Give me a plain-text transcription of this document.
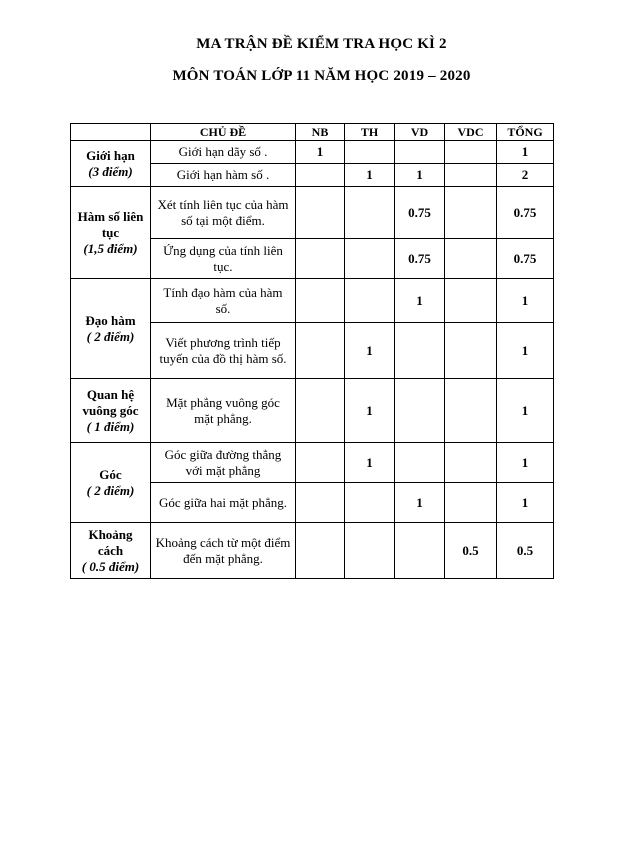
MA TRẬN ĐỀ KIỂM TRA HỌC KÌ 2
MÔN TOÁN LỚP 11 NĂM HỌC 2019 – 2020
	CHỦ ĐỀ	NB	TH	VD	VDC	TỔNG

Giới hạn
(3 điểm)	Giới hạn dãy số .	1				1
	Giới hạn hàm số .		1	1		2

Hàm số liên tục
(1,5 điểm)	Xét tính liên tục của hàm số tại một điểm.			0.75		0.75
	Ứng dụng của tính liên tục.			0.75		0.75

Đạo hàm
( 2 điểm)	Tính đạo hàm của hàm số.			1		1
	Viết phương trình tiếp tuyến của đồ thị hàm số.		1			1

Quan hệ vuông góc
( 1 điểm)	Mặt phẳng vuông góc mặt phẳng.		1			1

Góc
( 2 điểm)	Góc giữa đường thẳng với mặt phẳng		1			1
	Góc giữa hai mặt phẳng.			1		1

Khoảng cách
( 0.5 điểm)	Khoảng cách từ một điểm đến mặt phẳng.				0.5	0.5
